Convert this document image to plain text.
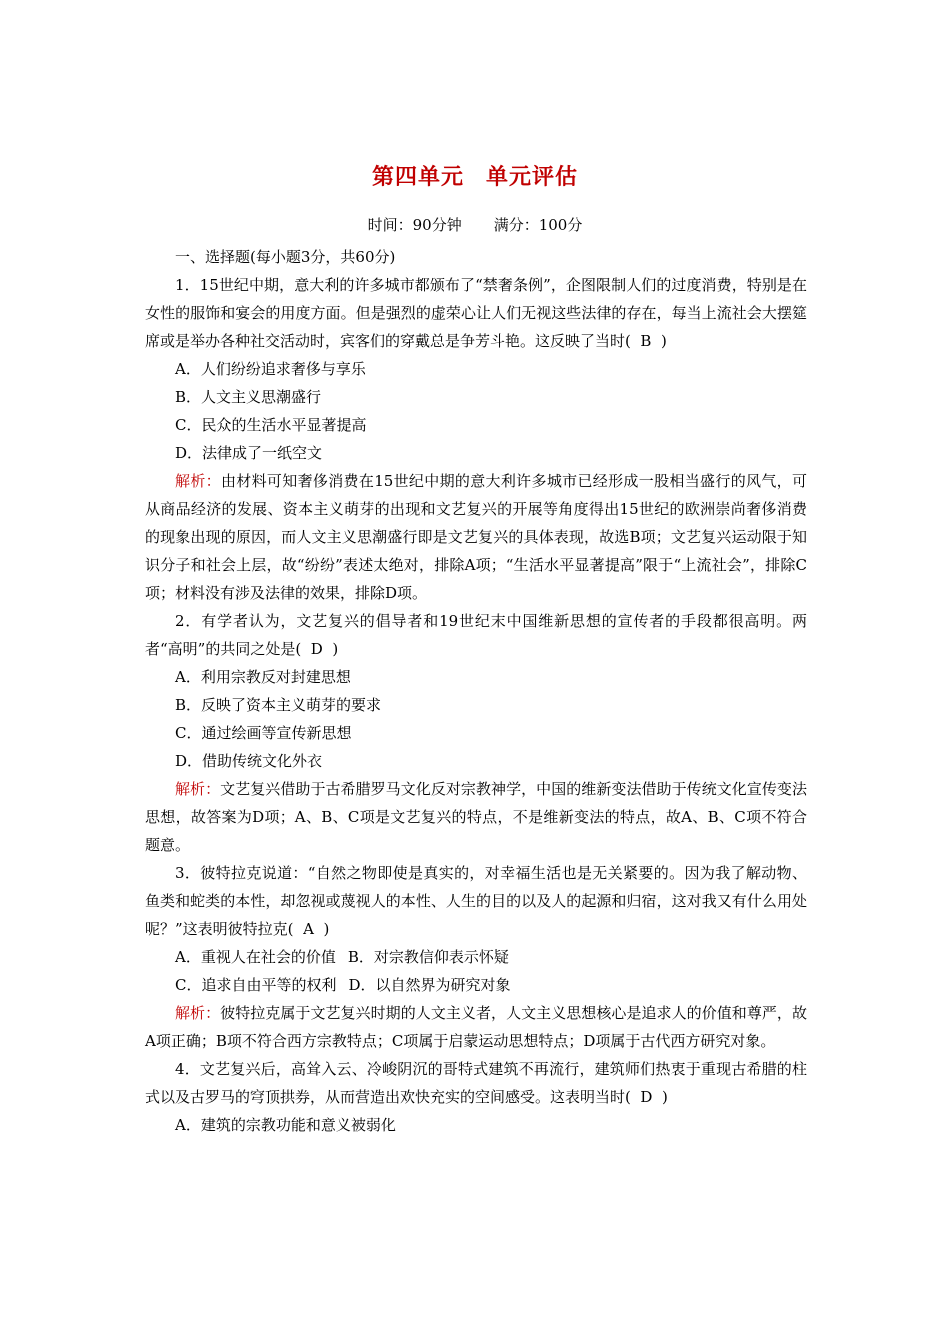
第四单元 单元评估
时间：90分钟 满分：100分

一、选择题(每小题3分，共60分)

1．15世纪中期，意大利的许多城市都颁布了“禁奢条例”，企图限制人们的过度消费，特别是在女性的服饰和宴会的用度方面。但是强烈的虚荣心让人们无视这些法律的存在，每当上流社会大摆筵席或是举办各种社交活动时，宾客们的穿戴总是争芳斗艳。这反映了当时(  B  )

A．人们纷纷追求奢侈与享乐

B．人文主义思潮盛行

C．民众的生活水平显著提高

D．法律成了一纸空文

解析：由材料可知奢侈消费在15世纪中期的意大利许多城市已经形成一股相当盛行的风气，可从商品经济的发展、资本主义萌芽的出现和文艺复兴的开展等角度得出15世纪的欧洲崇尚奢侈消费的现象出现的原因，而人文主义思潮盛行即是文艺复兴的具体表现，故选B项；文艺复兴运动限于知识分子和社会上层，故“纷纷”表述太绝对，排除A项；“生活水平显著提高”限于“上流社会”，排除C项；材料没有涉及法律的效果，排除D项。

2．有学者认为，文艺复兴的倡导者和19世纪末中国维新思想的宣传者的手段都很高明。两者“高明”的共同之处是(  D  )

A．利用宗教反对封建思想

B．反映了资本主义萌芽的要求

C．通过绘画等宣传新思想

D．借助传统文化外衣

解析：文艺复兴借助于古希腊罗马文化反对宗教神学，中国的维新变法借助于传统文化宣传变法思想，故答案为D项；A、B、C项是文艺复兴的特点，不是维新变法的特点，故A、B、C项不符合题意。

3．彼特拉克说道：“自然之物即使是真实的，对幸福生活也是无关紧要的。因为我了解动物、鱼类和蛇类的本性，却忽视或蔑视人的本性、人生的目的以及人的起源和归宿，这对我又有什么用处呢？”这表明彼特拉克(  A  )

A．重视人在社会的价值 B．对宗教信仰表示怀疑

C．追求自由平等的权利 D．以自然界为研究对象

解析：彼特拉克属于文艺复兴时期的人文主义者，人文主义思想核心是追求人的价值和尊严，故A项正确；B项不符合西方宗教特点；C项属于启蒙运动思想特点；D项属于古代西方研究对象。

4．文艺复兴后，高耸入云、冷峻阴沉的哥特式建筑不再流行，建筑师们热衷于重现古希腊的柱式以及古罗马的穹顶拱券，从而营造出欢快充实的空间感受。这表明当时(  D  )

A．建筑的宗教功能和意义被弱化
